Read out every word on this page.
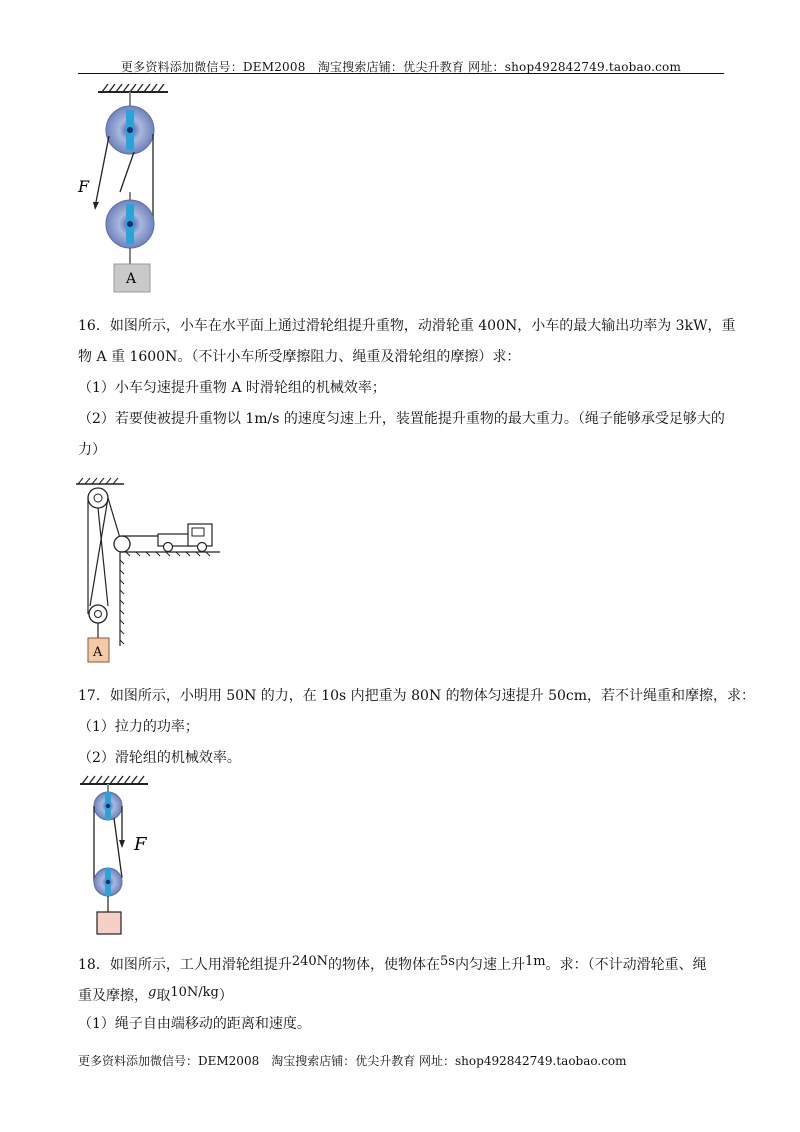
更多资料添加微信号：DEM2008　淘宝搜索店铺：优尖升教育 网址：shop492842749.taobao.com
F
A
16．如图所示，小车在水平面上通过滑轮组提升重物，动滑轮重 400N，小车的最大输出功率为 3kW，重
物 A 重 1600N。（不计小车所受摩擦阻力、绳重及滑轮组的摩擦）求：
（1）小车匀速提升重物 A 时滑轮组的机械效率；
（2）若要使被提升重物以 1m/s 的速度匀速上升，装置能提升重物的最大重力。（绳子能够承受足够大的
力）
A
17．如图所示，小明用 50N 的力，在 10s 内把重为 80N 的物体匀速提升 50cm，若不计绳重和摩擦，求：
（1）拉力的功率；
（2）滑轮组的机械效率。
F
18．如图所示，工人用滑轮组提升240N的物体，使物体在5s内匀速上升1m。求：（不计动滑轮重、绳
重及摩擦，g取10N/kg）
（1）绳子自由端移动的距离和速度。
更多资料添加微信号：DEM2008　淘宝搜索店铺：优尖升教育 网址：shop492842749.taobao.com
